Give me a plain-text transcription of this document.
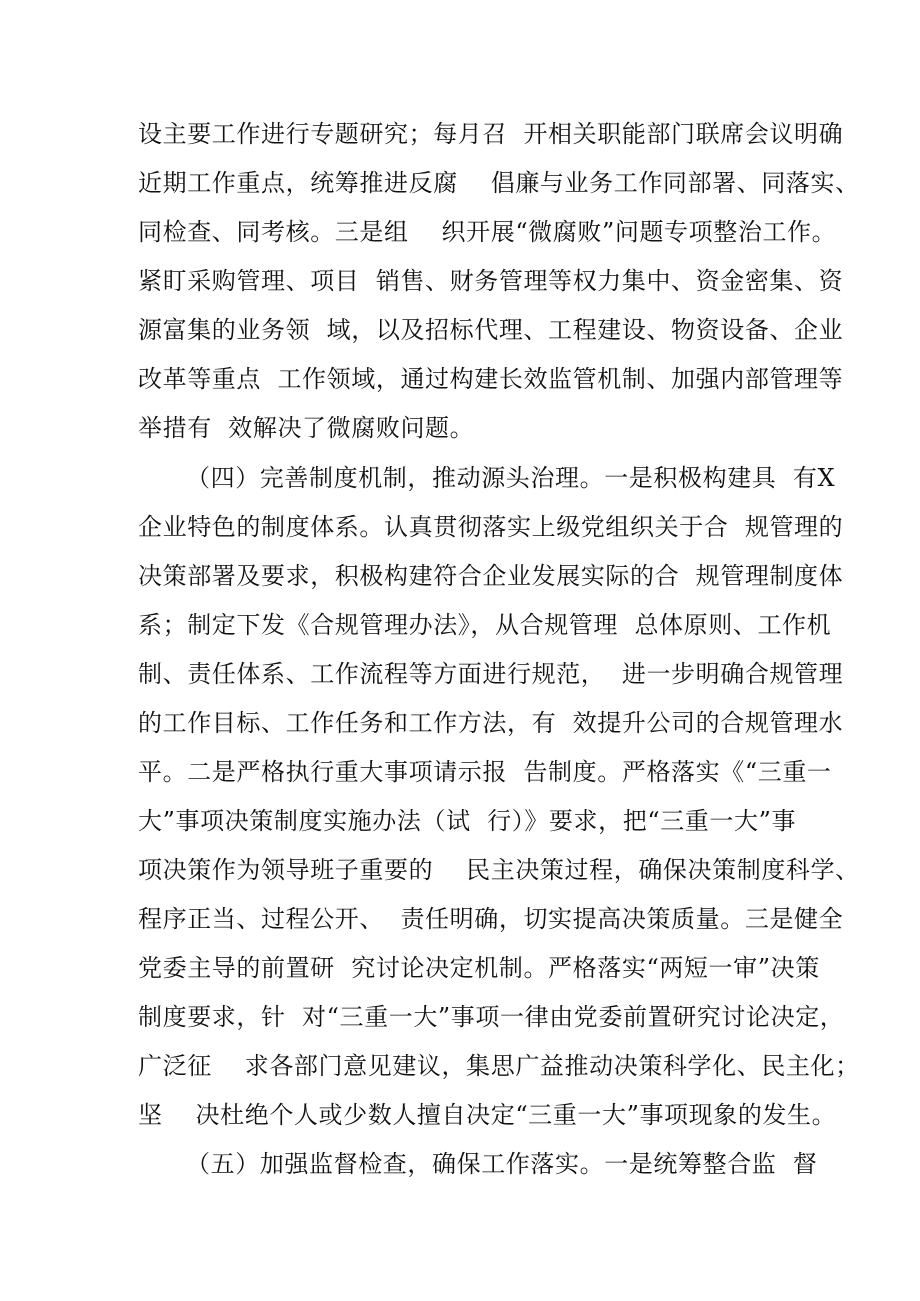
设主要工作进行专题研究；每月召  开相关职能部门联席会议明确
近期工作重点，统筹推进反腐    倡廉与业务工作同部署、同落实、
同检查、同考核。三是组    织开展“微腐败”问题专项整治工作。
紧盯采购管理、项目  销售、财务管理等权力集中、资金密集、资
源富集的业务领  域，以及招标代理、工程建设、物资设备、企业
改革等重点  工作领域，通过构建长效监管机制、加强内部管理等
举措有  效解决了微腐败问题。
（四）完善制度机制，推动源头治理。一是积极构建具  有X
企业特色的制度体系。认真贯彻落实上级党组织关于合  规管理的
决策部署及要求，积极构建符合企业发展实际的合  规管理制度体
系；制定下发《合规管理办法》，从合规管理  总体原则、工作机
制、责任体系、工作流程等方面进行规范，  进一步明确合规管理
的工作目标、工作任务和工作方法，有  效提升公司的合规管理水
平。二是严格执行重大事项请示报  告制度。严格落实《“三重一
大”事项决策制度实施办法（试  行）》要求，把“三重一大”事
项决策作为领导班子重要的    民主决策过程，确保决策制度科学、
程序正当、过程公开、  责任明确，切实提高决策质量。三是健全
党委主导的前置研  究讨论决定机制。严格落实“两短一审”决策
制度要求，针  对“三重一大”事项一律由党委前置研究讨论决定，
广泛征    求各部门意见建议，集思广益推动决策科学化、民主化；
坚    决杜绝个人或少数人擅自决定“三重一大”事项现象的发生。
（五）加强监督检查，确保工作落实。一是统筹整合监  督
